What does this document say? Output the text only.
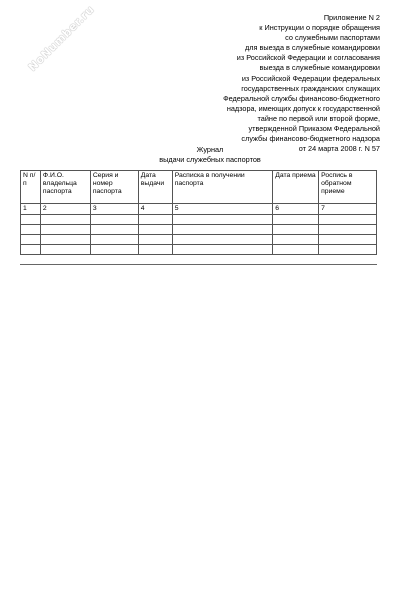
NoNumber.ru	Приложение N 2
к Инструкции о порядке обращения
со служебными паспортами
для выезда в служебные командировки
из Российской Федерации и согласования
выезда в служебные командировки
из Российской Федерации федеральных
государственных гражданских служащих
Федеральной службы финансово-бюджетного
надзора, имеющих допуск к государственной
тайне по первой или второй форме,
утвержденной Приказом Федеральной
службы финансово-бюджетного надзора
от 24 марта 2008 г. N 57
Журнал
выдачи служебных паспортов
N п/п	Ф.И.О. владельца паспорта	Серия и номер паспорта	Дата выдачи	Расписка в получении паспорта	Дата приема	Роспись в обратном приеме
1	2	3	4	5	6	7
